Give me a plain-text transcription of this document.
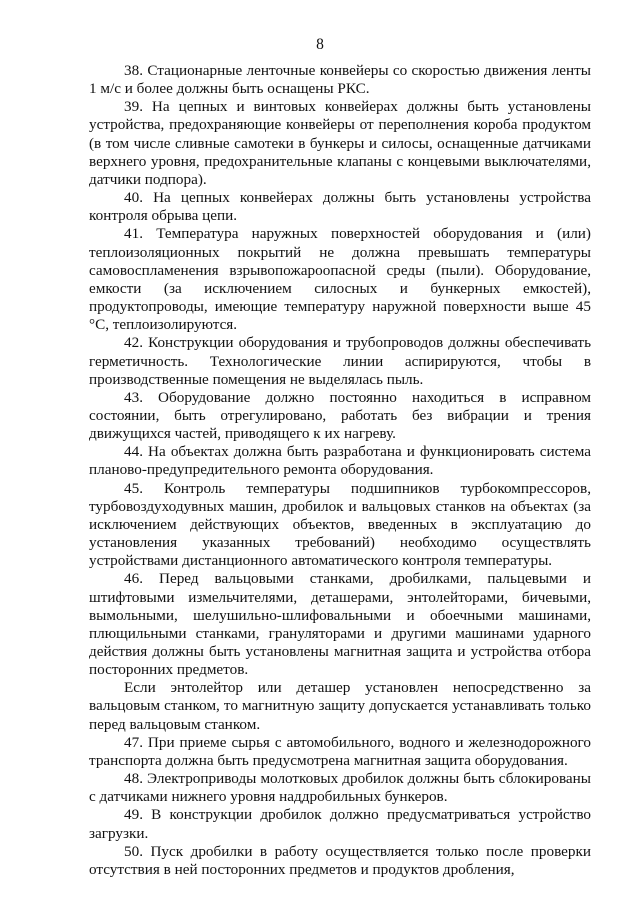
8

38. Стационарные ленточные конвейеры со скоростью движения ленты 1 м/с и более должны быть оснащены РКС.

39. На цепных и винтовых конвейерах должны быть установлены устройства, предохраняющие конвейеры от переполнения короба продуктом (в том числе сливные самотеки в бункеры и силосы, оснащенные датчиками верхнего уровня, предохранительные клапаны с концевыми выключателями, датчики подпора).

40. На цепных конвейерах должны быть установлены устройства контроля обрыва цепи.

41. Температура наружных поверхностей оборудования и (или) теплоизоляционных покрытий не должна превышать температуры самовоспламенения взрывопожароопасной среды (пыли). Оборудование, емкости (за исключением силосных и бункерных емкостей), продуктопроводы, имеющие температуру наружной поверхности выше 45 °С, теплоизолируются.

42. Конструкции оборудования и трубопроводов должны обеспечивать герметичность. Технологические линии аспирируются, чтобы в производственные помещения не выделялась пыль.

43. Оборудование должно постоянно находиться в исправном состоянии, быть отрегулировано, работать без вибрации и трения движущихся частей, приводящего к их нагреву.

44. На объектах должна быть разработана и функционировать система планово-предупредительного ремонта оборудования.

45. Контроль температуры подшипников турбокомпрессоров, турбовоздуходувных машин, дробилок и вальцовых станков на объектах (за исключением действующих объектов, введенных в эксплуатацию до установления указанных требований) необходимо осуществлять устройствами дистанционного автоматического контроля температуры.

46. Перед вальцовыми станками, дробилками, пальцевыми и штифтовыми измельчителями, деташерами, энтолейторами, бичевыми, вымольными, шелушильно-шлифовальными и обоечными машинами, плющильными станками, грануляторами и другими машинами ударного действия должны быть установлены магнитная защита и устройства отбора посторонних предметов.

Если энтолейтор или деташер установлен непосредственно за вальцовым станком, то магнитную защиту допускается устанавливать только перед вальцовым станком.

47. При приеме сырья с автомобильного, водного и железнодорожного транспорта должна быть предусмотрена магнитная защита оборудования.

48. Электроприводы молотковых дробилок должны быть сблокированы с датчиками нижнего уровня наддробильных бункеров.

49. В конструкции дробилок должно предусматриваться устройство загрузки.

50. Пуск дробилки в работу осуществляется только после проверки отсутствия в ней посторонних предметов и продуктов дробления,
